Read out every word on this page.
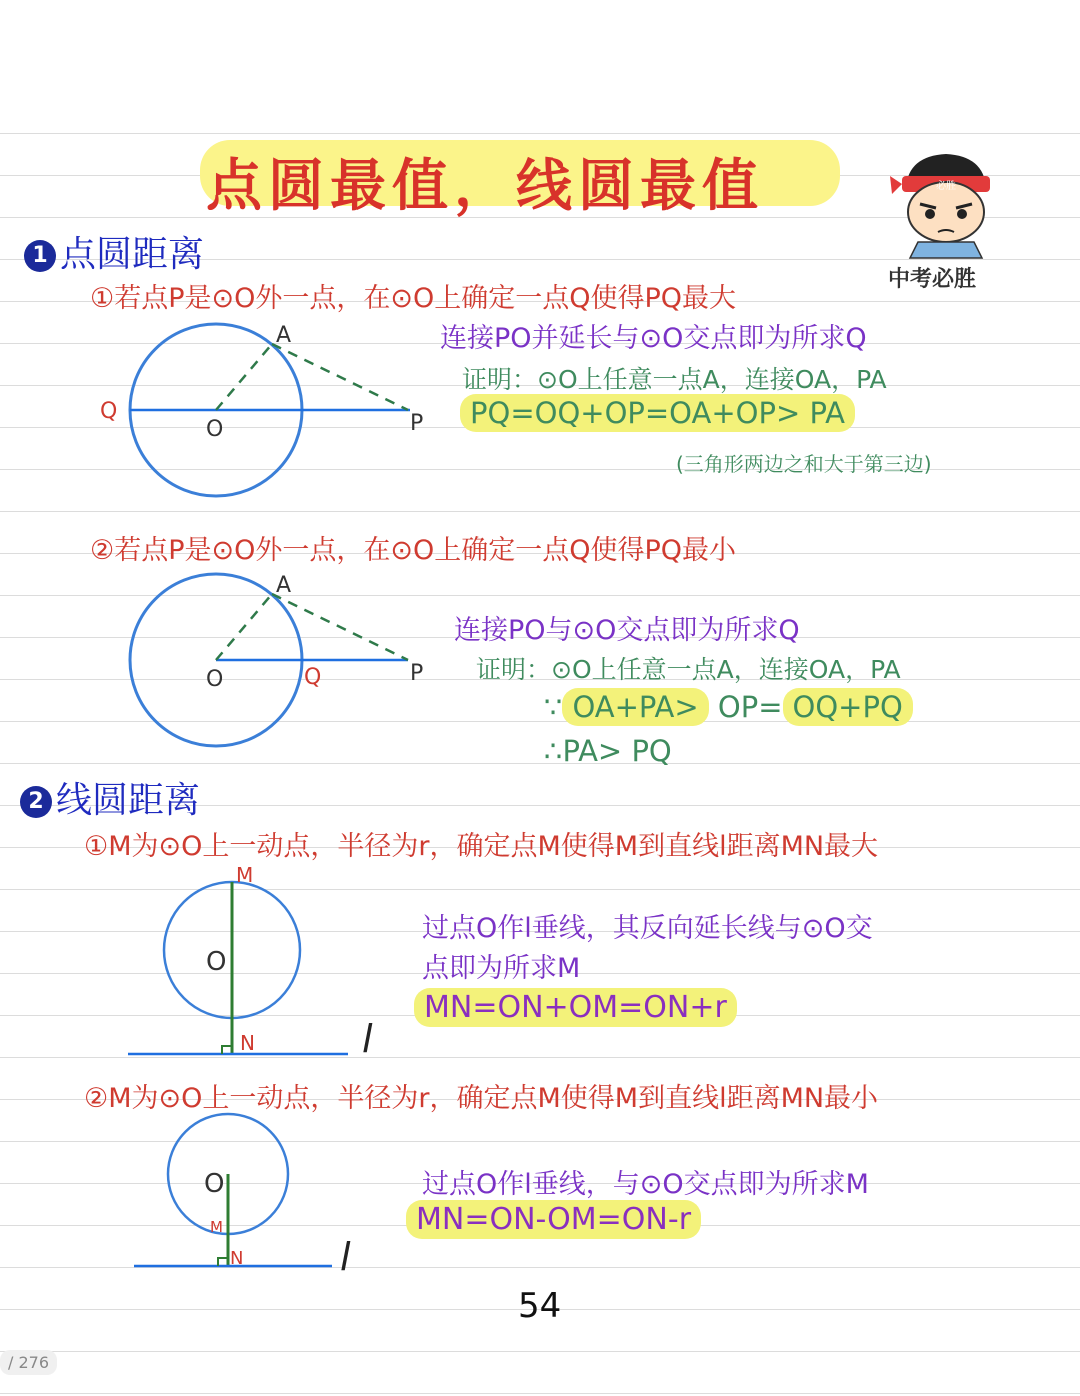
点圆最值，线圆最值	必胜
中考必胜
1 点圆距离
①若点P是⊙O外一点，在⊙O上确定一点Q使得PQ最大
A
Q
O	P
连接PO并延长与⊙O交点即为所求Q
证明：⊙O上任意一点A，连接OA，PA
PQ=OQ+OP=OA+OP> PA
(三角形两边之和大于第三边)
②若点P是⊙O外一点，在⊙O上确定一点Q使得PQ最小
A
Q
O	P
连接PO与⊙O交点即为所求Q
证明：⊙O上任意一点A，连接OA，PA
∵ OA+PA> OP= OQ+PQ
∴PA> PQ
2 线圆距离
①M为⊙O上一动点，半径为r，确定点M使得M到直线l距离MN最大
M
O
N	l
过点O作l垂线，其反向延长线与⊙O交
点即为所求M
MN=ON+OM=ON+r
②M为⊙O上一动点，半径为r，确定点M使得M到直线l距离MN最小
O
M
N	l
过点O作l垂线，与⊙O交点即为所求M
MN=ON-OM=ON-r
54
/ 276
